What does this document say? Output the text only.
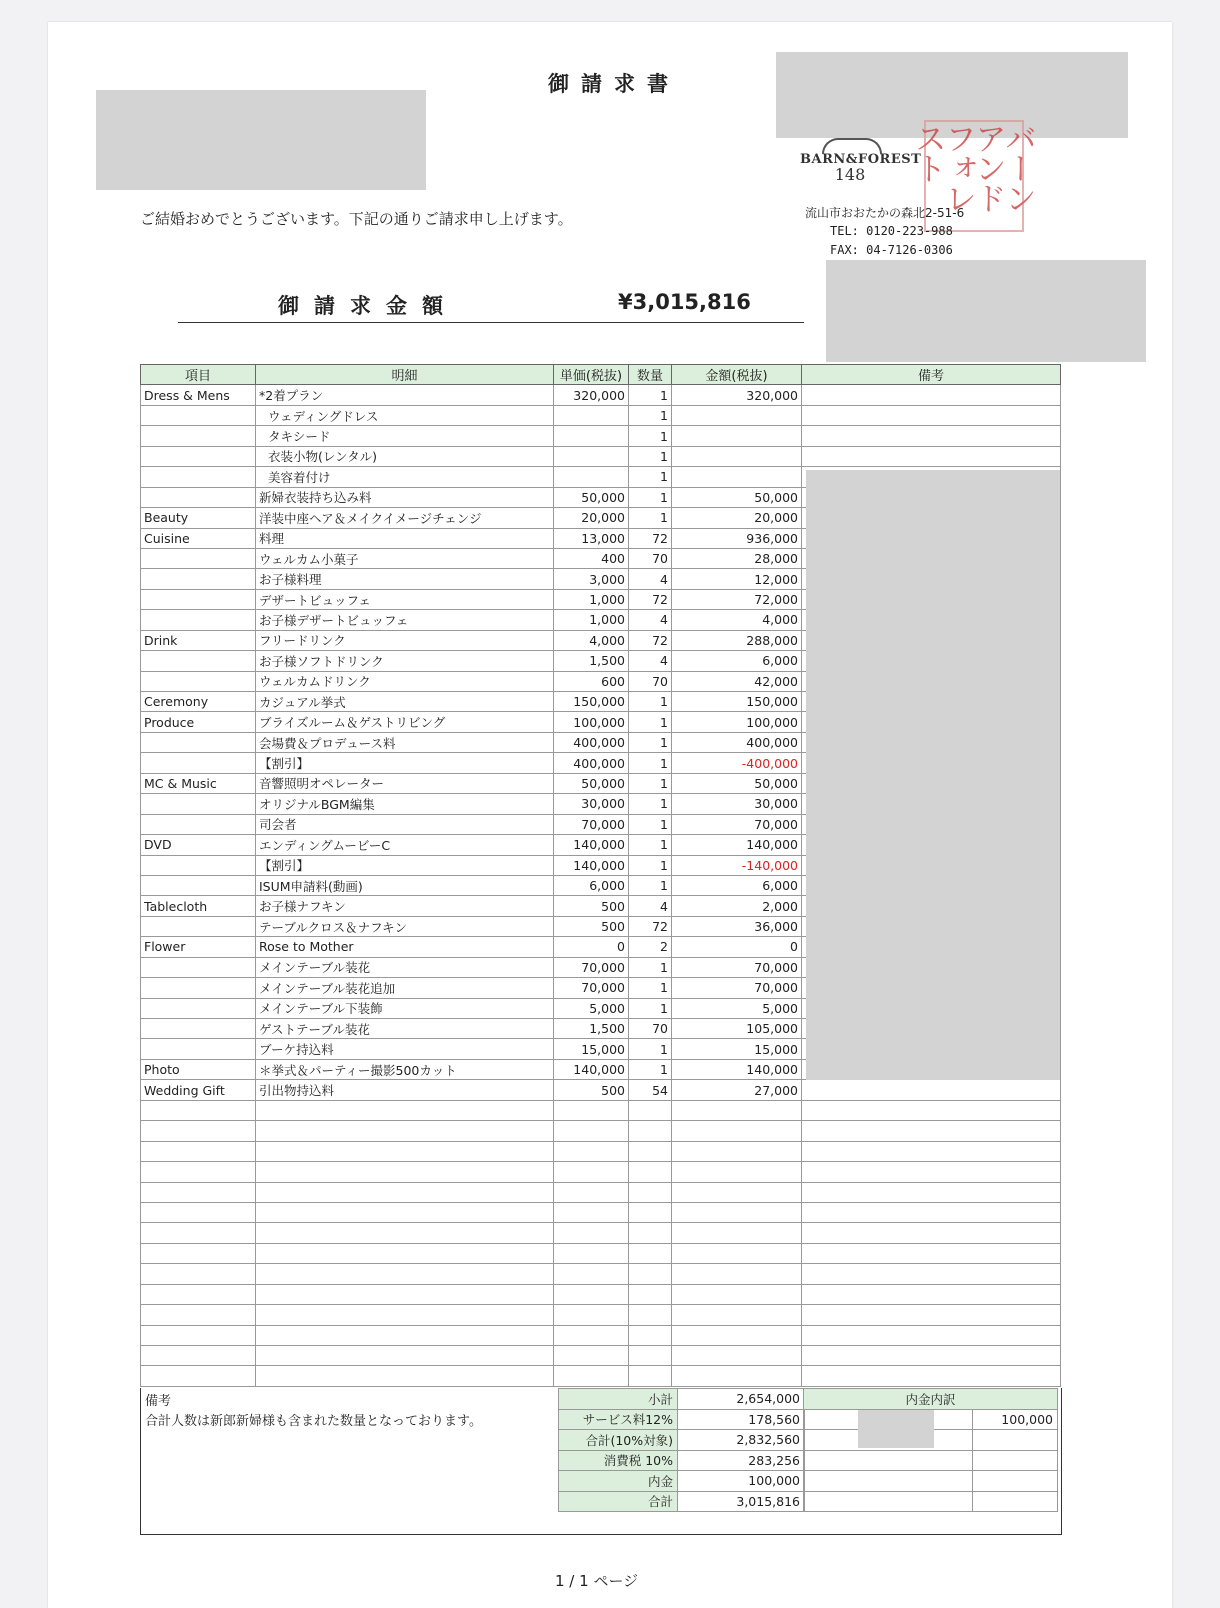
御請求書
ご結婚おめでとうございます。下記の通りご請求申し上げます。
BARN&FOREST
148	バーンアンドフォレスト
流山市おおたかの森北2-51-6
TEL: 0120-223-988
FAX: 04-7126-0306
御請求金額	¥3,015,816
項目	明細	単価(税抜)	数量	金額(税抜)	備考
Dress & Mens	*2着プラン	320,000	1	320,000	
	ウェディングドレス		1		
	タキシード		1		
	衣装小物(レンタル)		1		
	美容着付け		1		
	新婦衣装持ち込み料	50,000	1	50,000	
Beauty	洋装中座ヘア＆メイクイメージチェンジ	20,000	1	20,000	
Cuisine	料理	13,000	72	936,000	
	ウェルカム小菓子	400	70	28,000	
	お子様料理	3,000	4	12,000	
	デザートビュッフェ	1,000	72	72,000	
	お子様デザートビュッフェ	1,000	4	4,000	
Drink	フリードリンク	4,000	72	288,000	
	お子様ソフトドリンク	1,500	4	6,000	
	ウェルカムドリンク	600	70	42,000	
Ceremony	カジュアル挙式	150,000	1	150,000	
Produce	ブライズルーム＆ゲストリビング	100,000	1	100,000	
	会場費＆プロデュース料	400,000	1	400,000	
	【割引】	400,000	1	-400,000	
MC & Music	音響照明オペレーター	50,000	1	50,000	
	オリジナルBGM編集	30,000	1	30,000	
	司会者	70,000	1	70,000	
DVD	エンディングムービーC	140,000	1	140,000	
	【割引】	140,000	1	-140,000	
	ISUM申請料(動画)	6,000	1	6,000	
Tablecloth	お子様ナフキン	500	4	2,000	
	テーブルクロス＆ナフキン	500	72	36,000	
Flower	Rose to Mother	0	2	0	
	メインテーブル装花	70,000	1	70,000	
	メインテーブル装花追加	70,000	1	70,000	
	メインテーブル下装飾	5,000	1	5,000	
	ゲストテーブル装花	1,500	70	105,000	
	ブーケ持込料	15,000	1	15,000	
Photo	＊挙式＆パーティー撮影500カット	140,000	1	140,000	
Wedding Gift	引出物持込料	500	54	27,000	

備考
合計人数は新郎新婦様も含まれた数量となっております。
小計	2,654,000
サービス料12%	178,560
合計(10%対象)	2,832,560
消費税 10%	283,256
内金	100,000
合計	3,015,816
内金内訳	

	100,000

1 / 1 ページ
